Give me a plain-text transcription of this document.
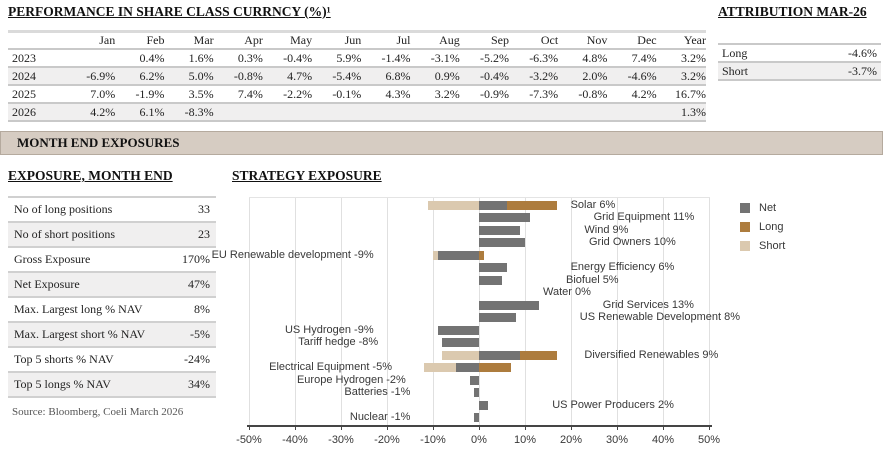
PERFORMANCE IN SHARE CLASS CURRNCY (%)¹	ATTRIBUTION MAR-26
	Jan	Feb	Mar	Apr	May	Jun	Jul	Aug	Sep	Oct	Nov	Dec	Year
2023		0.4%	1.6%	0.3%	-0.4%	5.9%	-1.4%	-3.1%	-5.2%	-6.3%	4.8%	7.4%	3.2%
2024	-6.9%	6.2%	5.0%	-0.8%	4.7%	-5.4%	6.8%	0.9%	-0.4%	-3.2%	2.0%	-4.6%	3.2%
2025	7.0%	-1.9%	3.5%	7.4%	-2.2%	-0.1%	4.3%	3.2%	-0.9%	-7.3%	-0.8%	4.2%	16.7%
2026	4.2%	6.1%	-8.3%										1.3%
Long	-4.6%
Short	-3.7%
MONTH END EXPOSURES
EXPOSURE, MONTH END	STRATEGY EXPOSURE
No of long positions	33
No of short positions	23
Gross Exposure	170%
Net Exposure	47%
Max. Largest long % NAV	8%
Max. Largest short % NAV	-5%
Top 5 shorts % NAV	-24%
Top 5 longs % NAV	34%
Source: Bloomberg, Coeli March 2026
-50%	-40%	-30%	-20%	-10%	0%	10%	20%	30%	40%	50%
Solar 6%
Grid Equipment 11%
Wind 9%
Grid Owners 10%
EU Renewable development -9%
Energy Efficiency 6%
Biofuel 5%
Water 0%
Grid Services 13%
US Renewable Development 8%
US Hydrogen -9%
Tariff hedge -8%
Diversified Renewables 9%
Electrical Equipment -5%
Europe Hydrogen -2%
Batteries -1%
US Power Producers 2%
Nuclear -1%
Net
Long
Short
